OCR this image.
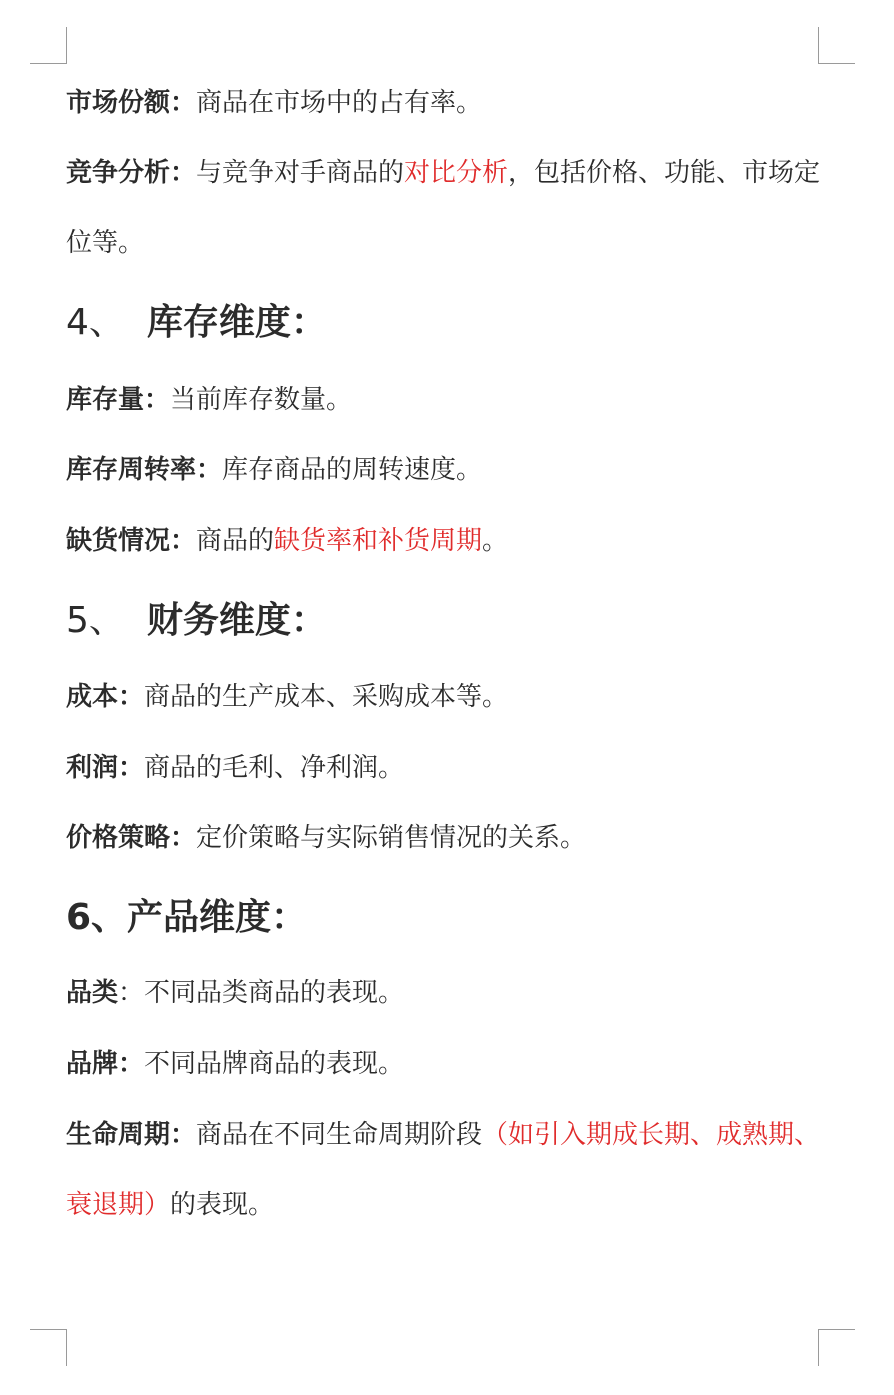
市场份额：商品在市场中的占有率。
竞争分析：与竞争对手商品的对比分析，包括价格、功能、市场定位等。
4、 库存维度：
库存量：当前库存数量。
库存周转率：库存商品的周转速度。
缺货情况：商品的缺货率和补货周期。
5、 财务维度：
成本：商品的生产成本、采购成本等。
利润：商品的毛利、净利润。
价格策略：定价策略与实际销售情况的关系。
6、产品维度：
品类：不同品类商品的表现。
品牌：不同品牌商品的表现。
生命周期：商品在不同生命周期阶段（如引入期成长期、成熟期、衰退期）的表现。
